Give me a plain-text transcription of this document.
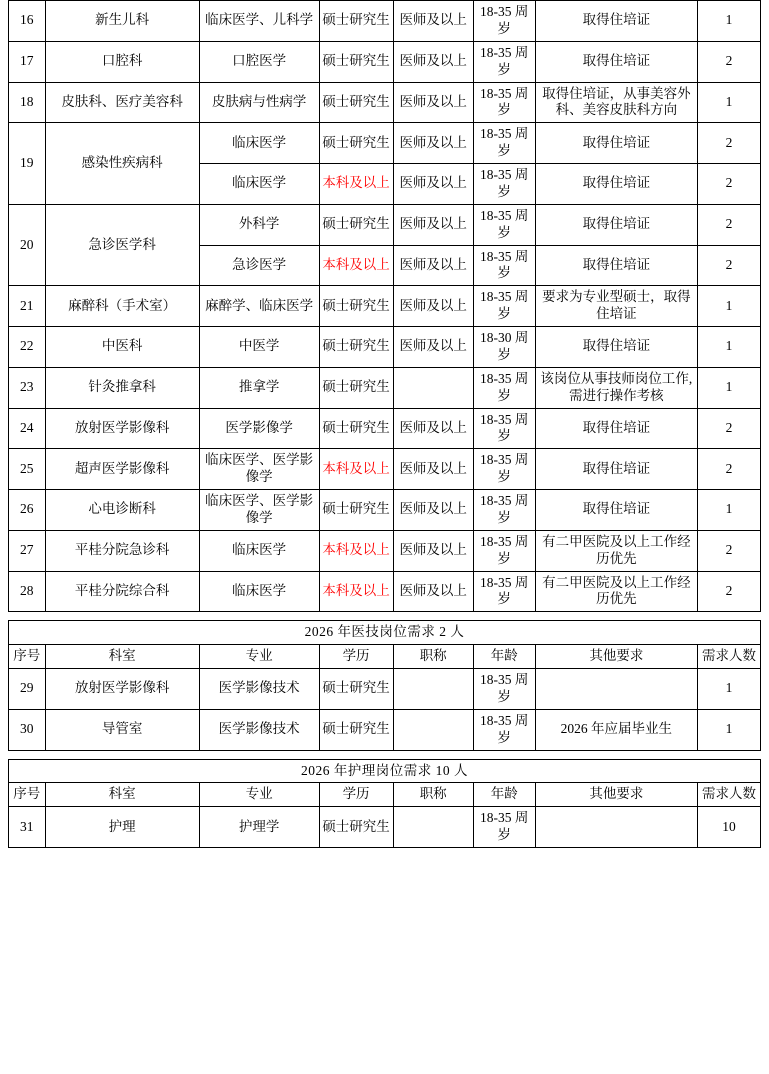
16	新生儿科	临床医学、儿科学	硕士研究生	医师及以上	18-35 周岁	取得住培证	1
17	口腔科	口腔医学	硕士研究生	医师及以上	18-35 周岁	取得住培证	2
18	皮肤科、医疗美容科	皮肤病与性病学	硕士研究生	医师及以上	18-35 周岁	取得住培证，从事美容外科、美容皮肤科方向	1
19	感染性疾病科	临床医学	硕士研究生	医师及以上	18-35 周岁	取得住培证	2
		临床医学	本科及以上	医师及以上	18-35 周岁	取得住培证	2
20	急诊医学科	外科学	硕士研究生	医师及以上	18-35 周岁	取得住培证	2
		急诊医学	本科及以上	医师及以上	18-35 周岁	取得住培证	2
21	麻醉科（手术室）	麻醉学、临床医学	硕士研究生	医师及以上	18-35 周岁	要求为专业型硕士，取得住培证	1
22	中医科	中医学	硕士研究生	医师及以上	18-30 周岁	取得住培证	1
23	针灸推拿科	推拿学	硕士研究生		18-35 周岁	该岗位从事技师岗位工作,需进行操作考核	1
24	放射医学影像科	医学影像学	硕士研究生	医师及以上	18-35 周岁	取得住培证	2
25	超声医学影像科	临床医学、医学影像学	本科及以上	医师及以上	18-35 周岁	取得住培证	2
26	心电诊断科	临床医学、医学影像学	硕士研究生	医师及以上	18-35 周岁	取得住培证	1
27	平桂分院急诊科	临床医学	本科及以上	医师及以上	18-35 周岁	有二甲医院及以上工作经历优先	2
28	平桂分院综合科	临床医学	本科及以上	医师及以上	18-35 周岁	有二甲医院及以上工作经历优先	2
2026 年医技岗位需求 2 人							
序号	科室	专业	学历	职称	年龄	其他要求	需求人数
29	放射医学影像科	医学影像技术	硕士研究生		18-35 周岁		1
30	导管室	医学影像技术	硕士研究生		18-35 周岁	2026 年应届毕业生	1
2026 年护理岗位需求 10 人							
序号	科室	专业	学历	职称	年龄	其他要求	需求人数
31	护理	护理学	硕士研究生		18-35 周岁		10
